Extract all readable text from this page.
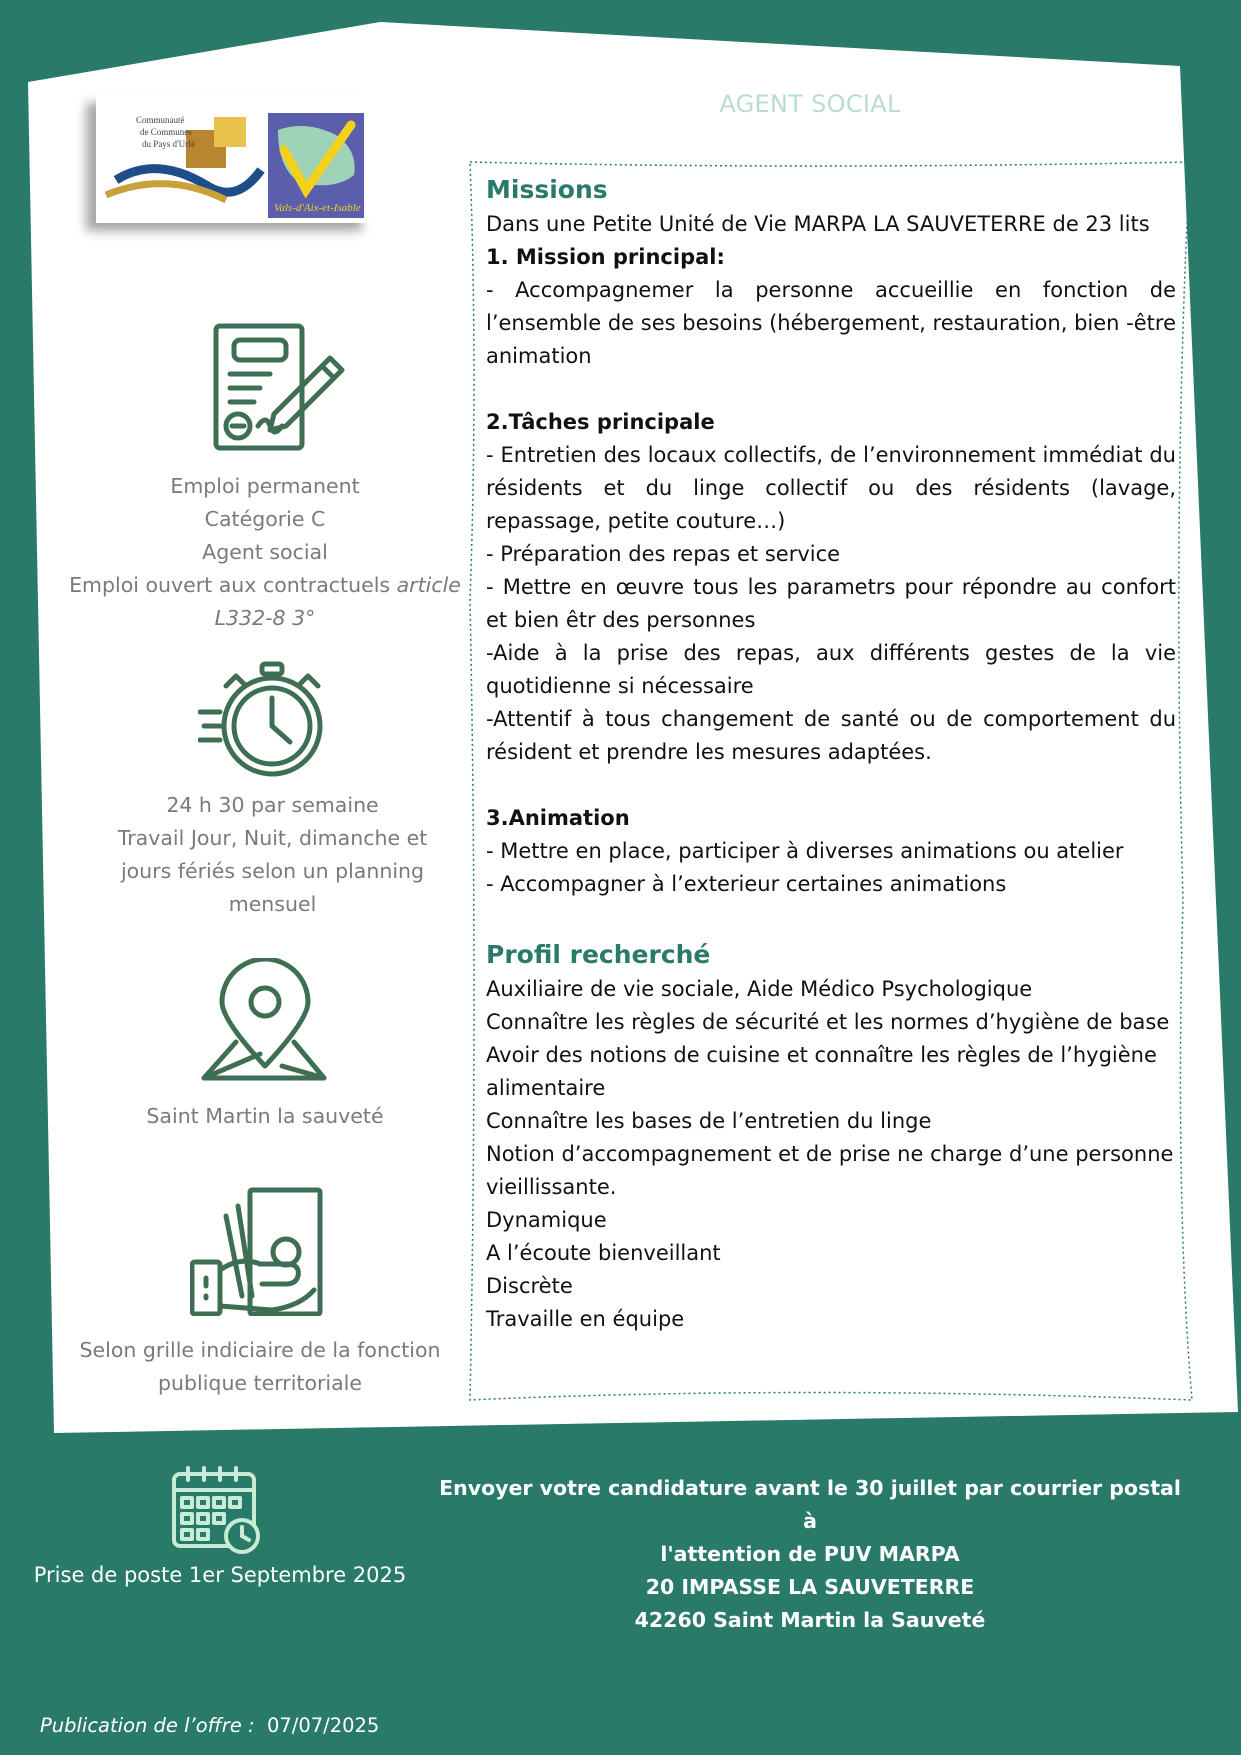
AGENT SOCIAL
Communauté
de Communes
du Pays d'Urfé
Vals-d'Aix-et-Isable
Emploi permanent
Catégorie C
Agent social
Emploi ouvert aux contractuels article L332-8 3°
24 h 30 par semaine
Travail Jour, Nuit, dimanche et jours fériés selon un planning mensuel
Saint Martin la sauveté
Selon grille indiciaire de la fonction publique territoriale
Missions

Dans une Petite Unité de Vie MARPA LA SAUVETERRE de 23 lits

1. Mission principal:

- Accompagnemer la personne accueillie en fonction de l’ensemble de ses besoins (hébergement, restauration, bien -être animation

2.Tâches principale

- Entretien des locaux collectifs, de l’environnement immédiat du résidents et du linge collectif ou des résidents (lavage, repassage, petite couture…)

- Préparation des repas et service

- Mettre en œuvre tous les parametrs pour répondre au confort et bien êtr des personnes

-Aide à la prise des repas, aux différents gestes de la vie quotidienne si nécessaire

-Attentif à tous changement de santé ou de comportement du résident et prendre les mesures adaptées.

3.Animation

- Mettre en place, participer à diverses animations ou atelier

- Accompagner à l’exterieur certaines animations

Profil recherché

Auxiliaire de vie sociale, Aide Médico Psychologique

Connaître les règles de sécurité et les normes d’hygiène de base

Avoir des notions de cuisine et connaître les règles de l’hygiène alimentaire

Connaître les bases de l’entretien du linge

Notion d’accompagnement et de prise ne charge d’une personne vieillissante.

Dynamique

A l’écoute bienveillant

Discrète

Travaille en équipe

Prise de poste 1er Septembre 2025
Envoyer votre candidature avant le 30 juillet par courrier postal à
l'attention de PUV MARPA
20 IMPASSE LA SAUVETERRE
42260 Saint Martin la Sauveté
Publication de l’offre : 07/07/2025
